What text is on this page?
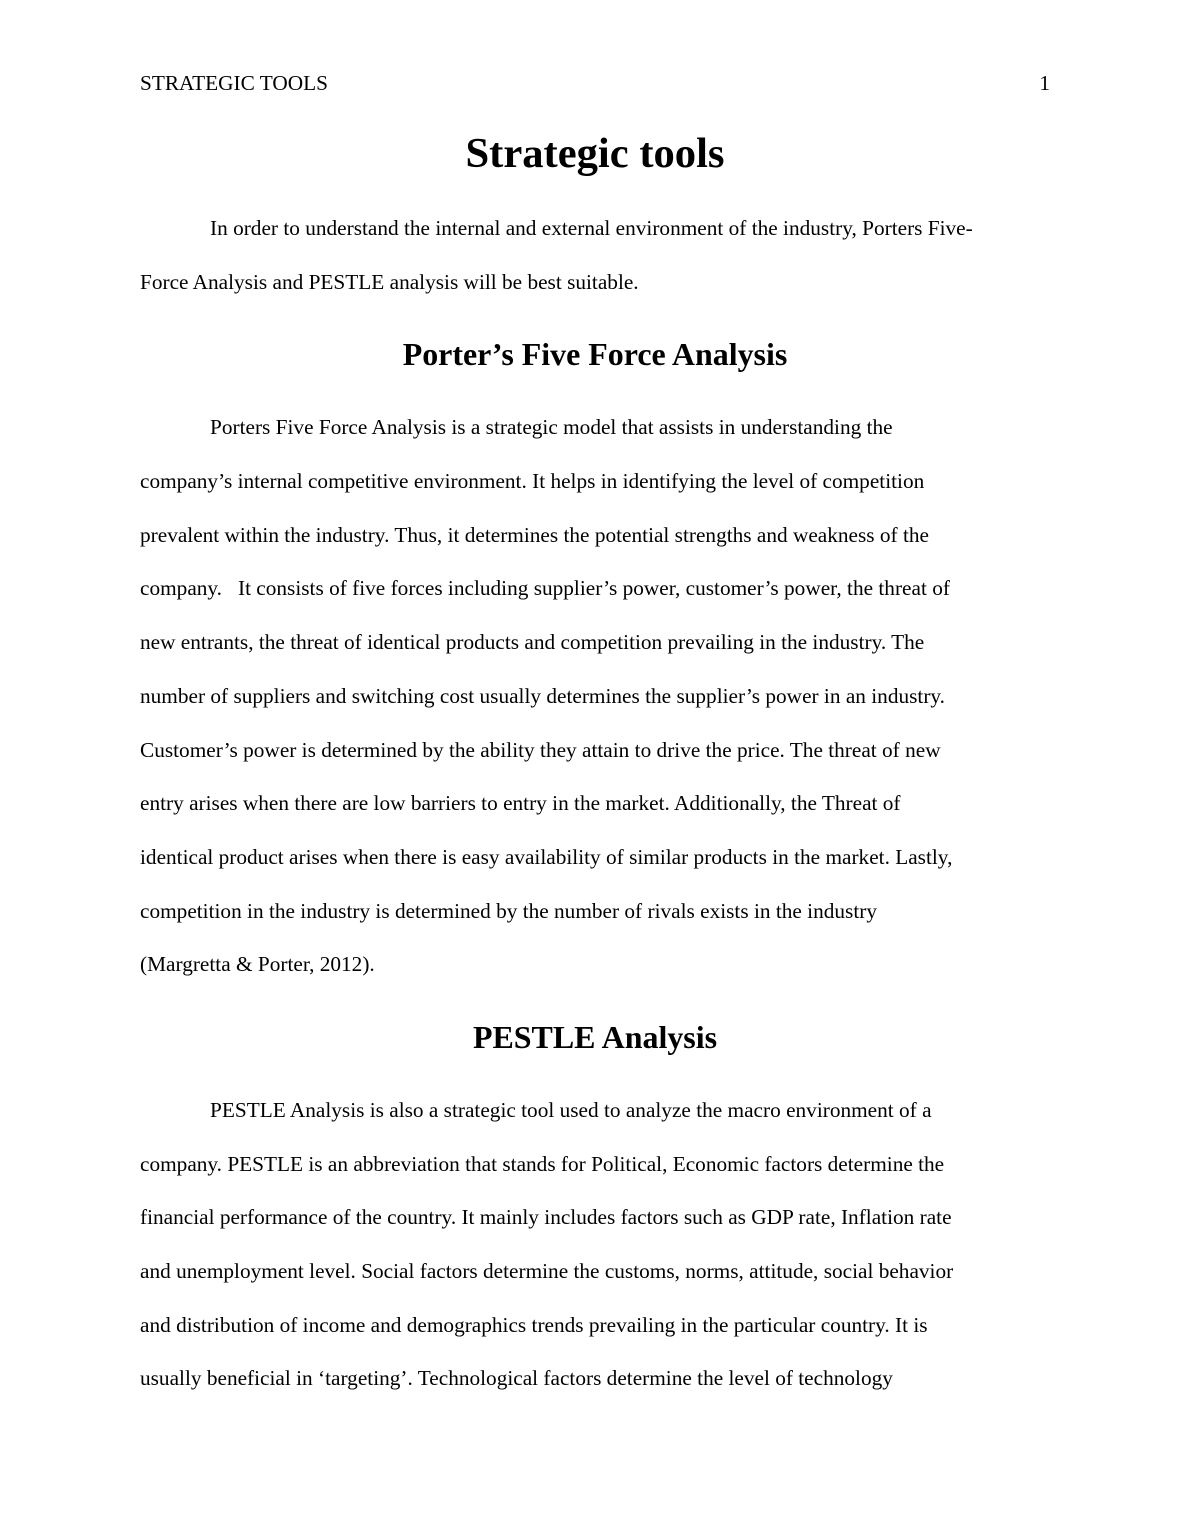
STRATEGIC TOOLS	1
Strategic tools

In order to understand the internal and external environment of the industry, Porters Five-
Force Analysis and PESTLE analysis will be best suitable.

Porter’s Five Force Analysis

Porters Five Force Analysis is a strategic model that assists in understanding the
company’s internal competitive environment. It helps in identifying the level of competition
prevalent within the industry. Thus, it determines the potential strengths and weakness of the
company.   It consists of five forces including supplier’s power, customer’s power, the threat of
new entrants, the threat of identical products and competition prevailing in the industry. The
number of suppliers and switching cost usually determines the supplier’s power in an industry.
Customer’s power is determined by the ability they attain to drive the price. The threat of new
entry arises when there are low barriers to entry in the market. Additionally, the Threat of
identical product arises when there is easy availability of similar products in the market. Lastly,
competition in the industry is determined by the number of rivals exists in the industry
(Margretta & Porter, 2012).

PESTLE Analysis

PESTLE Analysis is also a strategic tool used to analyze the macro environment of a
company. PESTLE is an abbreviation that stands for Political, Economic factors determine the
financial performance of the country. It mainly includes factors such as GDP rate, Inflation rate
and unemployment level. Social factors determine the customs, norms, attitude, social behavior
and distribution of income and demographics trends prevailing in the particular country. It is
usually beneficial in ‘targeting’. Technological factors determine the level of technology
